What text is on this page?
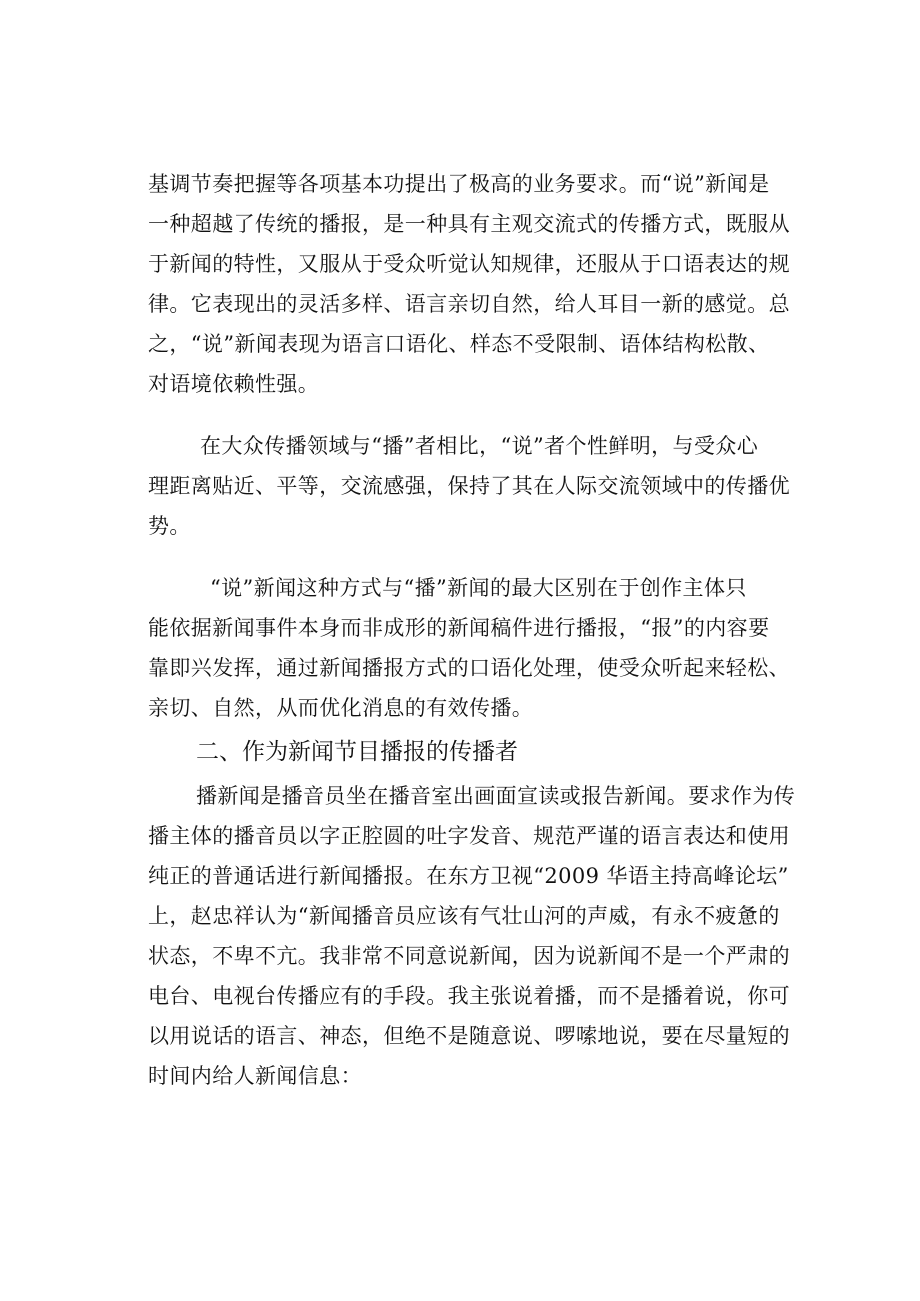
基调节奏把握等各项基本功提出了极高的业务要求。而“说”新闻是
一种超越了传统的播报，是一种具有主观交流式的传播方式，既服从
于新闻的特性，又服从于受众听觉认知规律，还服从于口语表达的规
律。它表现出的灵活多样、语言亲切自然，给人耳目一新的感觉。总
之，“说”新闻表现为语言口语化、样态不受限制、语体结构松散、
对语境依赖性强。
在大众传播领域与“播”者相比，“说”者个性鲜明，与受众心
理距离贴近、平等，交流感强，保持了其在人际交流领域中的传播优
势。
“说”新闻这种方式与“播”新闻的最大区别在于创作主体只
能依据新闻事件本身而非成形的新闻稿件进行播报，“报”的内容要
靠即兴发挥，通过新闻播报方式的口语化处理，使受众听起来轻松、
亲切、自然，从而优化消息的有效传播。
二、作为新闻节目播报的传播者
播新闻是播音员坐在播音室出画面宣读或报告新闻。要求作为传
播主体的播音员以字正腔圆的吐字发音、规范严谨的语言表达和使用
纯正的普通话进行新闻播报。在东方卫视“2009 华语主持高峰论坛”
上，赵忠祥认为“新闻播音员应该有气壮山河的声威，有永不疲惫的
状态，不卑不亢。我非常不同意说新闻，因为说新闻不是一个严肃的
电台、电视台传播应有的手段。我主张说着播，而不是播着说，你可
以用说话的语言、神态，但绝不是随意说、啰嗦地说，要在尽量短的
时间内给人新闻信息：
